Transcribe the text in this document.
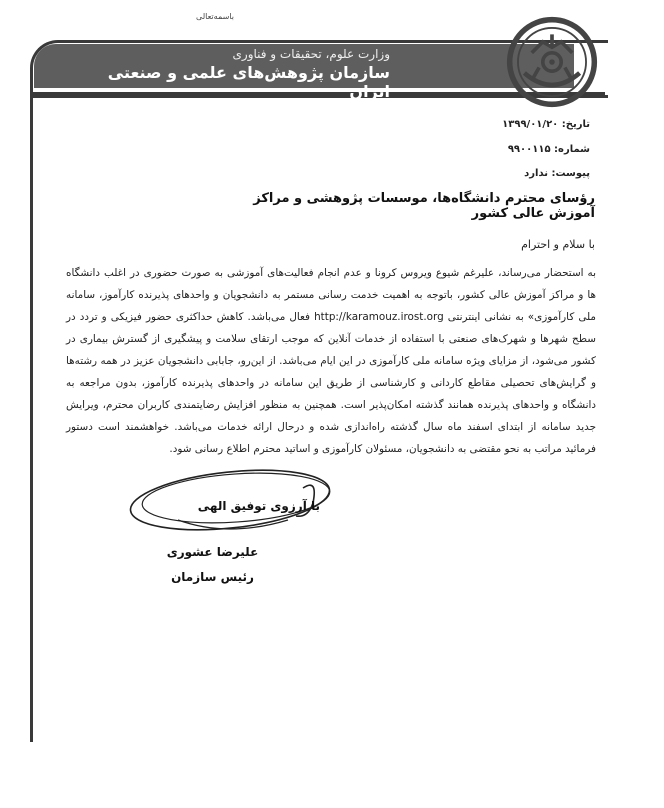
باسمه‌تعالی
وزارت علوم، تحقیقات و فناوری
سازمان پژوهش‌های علمی و صنعتی ایران
تاریخ: ۱۳۹۹/۰۱/۲۰
شماره: ۹۹۰۰۱۱۵
پیوست: ندارد
رؤسای محترم دانشگاه‌ها، موسسات پژوهشی و مراکز آموزش عالی کشور
با سلام و احترام
به استحضار می‌رساند، علیرغم شیوع ویروس کرونا و عدم انجام فعالیت‌های آموزشی به صورت حضوری در اغلب دانشگاه ها و مراکز آموزش عالی کشور، باتوجه به اهمیت خدمت رسانی مستمر به دانشجویان و واحدهای پذیرنده کارآموز، سامانه ملی کارآموزی» به نشانی اینترنتی http://karamouz.irost.org فعال می‌باشد. کاهش حداکثری حضور فیزیکی و تردد در سطح شهرها و شهرک‌های صنعتی با استفاده از خدمات آنلاین که موجب ارتقای سلامت و پیشگیری از گسترش بیماری در کشور می‌شود، از مزایای ویژه سامانه ملی کارآموزی در این ایام می‌باشد. از این‌رو، جابابی دانشجویان عزیز در همه رشته‌ها و گرایش‌های تحصیلی مقاطع کاردانی و کارشناسی از طریق این سامانه در واحدهای پذیرنده کارآموز، بدون مراجعه به دانشگاه و واحدهای پذیرنده همانند گذشته امکان‌پذیر است. همچنین به منظور افزایش رضایتمندی کاربران محترم، ویرایش جدید سامانه از ابتدای اسفند ماه سال گذشته راه‌اندازی شده و درحال ارائه خدمات می‌باشد. خواهشمند است دستور فرمائید مراتب به نحو مقتضی به دانشجویان، مسئولان کارآموزی و اساتید محترم اطلاع رسانی شود.
با آرزوی توفیق الهی
علیرضا عشوری
رئیس سازمان
